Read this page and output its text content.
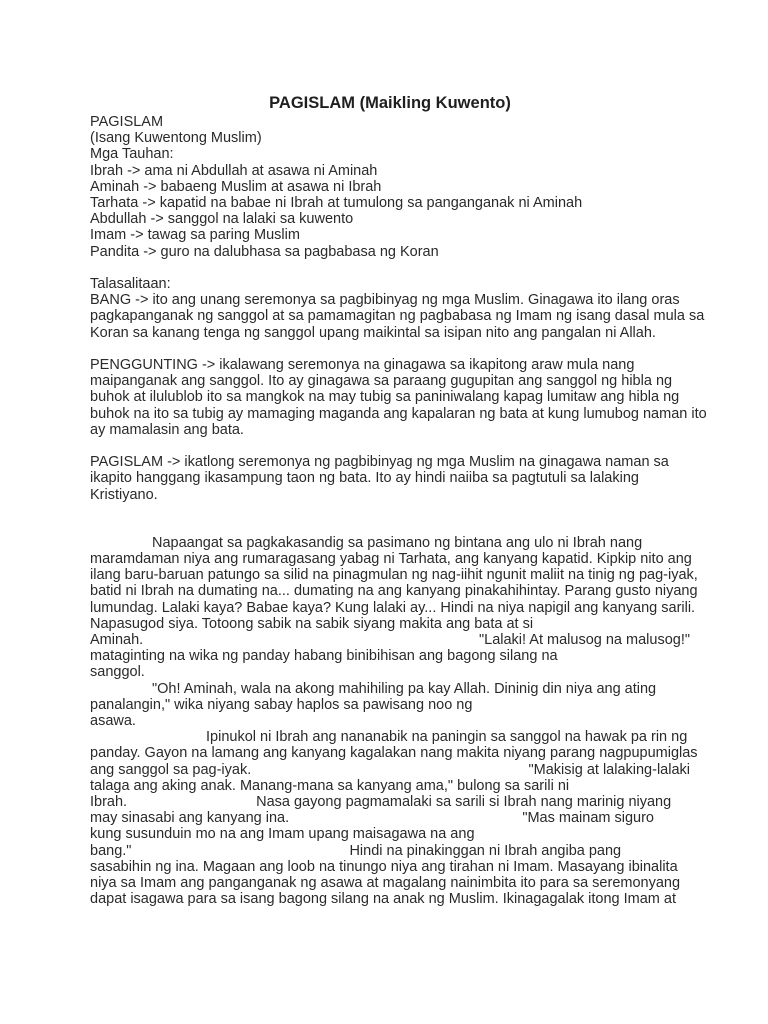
PAGISLAM (Maikling Kuwento)
PAGISLAM
(Isang Kuwentong Muslim)
Mga Tauhan:
Ibrah -> ama ni Abdullah at asawa ni Aminah
Aminah -> babaeng Muslim at asawa ni Ibrah
Tarhata -> kapatid na babae ni Ibrah at tumulong sa panganganak ni Aminah
Abdullah -> sanggol na lalaki sa kuwento
Imam -> tawag sa paring Muslim
Pandita -> guro na dalubhasa sa pagbabasa ng Koran
Talasalitaan:
BANG -> ito ang unang seremonya sa pagbibinyag ng mga Muslim. Ginagawa ito ilang oras
pagkapanganak ng sanggol at sa pamamagitan ng pagbabasa ng Imam ng isang dasal mula sa
Koran sa kanang tenga ng sanggol upang maikintal sa isipan nito ang pangalan ni Allah.
PENGGUNTING -> ikalawang seremonya na ginagawa sa ikapitong araw mula nang
maipanganak ang sanggol. Ito ay ginagawa sa paraang gugupitan ang sanggol ng hibla ng
buhok at ilulublob ito sa mangkok na may tubig sa paniniwalang kapag lumitaw ang hibla ng
buhok na ito sa tubig ay mamaging maganda ang kapalaran ng bata at kung lumubog naman ito
ay mamalasin ang bata.
PAGISLAM -> ikatlong seremonya ng pagbibinyag ng mga Muslim na ginagawa naman sa
ikapito hanggang ikasampung taon ng bata. Ito ay hindi naiiba sa pagtutuli sa lalaking
Kristiyano.
Napaangat sa pagkakasandig sa pasimano ng bintana ang ulo ni Ibrah nang
maramdaman niya ang rumaragasang yabag ni Tarhata, ang kanyang kapatid. Kipkip nito ang
ilang baru-baruan patungo sa silid na pinagmulan ng nag-iihit ngunit maliit na tinig ng pag-iyak,
batid ni Ibrah na dumating na... dumating na ang kanyang pinakahihintay. Parang gusto niyang
lumundag. Lalaki kaya? Babae kaya? Kung lalaki ay... Hindi na niya napigil ang kanyang sarili.
Napasugod siya. Totoong sabik na sabik siyang makita ang bata at si
Aminah.	"Lalaki! At malusog na malusog!"
mataginting na wika ng panday habang binibihisan ang bagong silang na
sanggol.
"Oh! Aminah, wala na akong mahihiling pa kay Allah. Dininig din niya ang ating
panalangin," wika niyang sabay haplos sa pawisang noo ng
asawa.
Ipinukol ni Ibrah ang nananabik na paningin sa sanggol na hawak pa rin ng
panday. Gayon na lamang ang kanyang kagalakan nang makita niyang parang nagpupumiglas
ang sanggol sa pag-iyak.	"Makisig at lalaking-lalaki
talaga ang aking anak. Manang-mana sa kanyang ama," bulong sa sarili ni
Ibrah.	Nasa gayong pagmamalaki sa sarili si Ibrah nang marinig niyang
may sinasabi ang kanyang ina.	"Mas mainam siguro
kung susunduin mo na ang Imam upang maisagawa na ang
bang."	Hindi na pinakinggan ni Ibrah angiba pang
sasabihin ng ina. Magaan ang loob na tinungo niya ang tirahan ni Imam. Masayang ibinalita
niya sa Imam ang panganganak ng asawa at magalang nainimbita ito para sa seremonyang
dapat isagawa para sa isang bagong silang na anak ng Muslim. Ikinagagalak itong Imam at
